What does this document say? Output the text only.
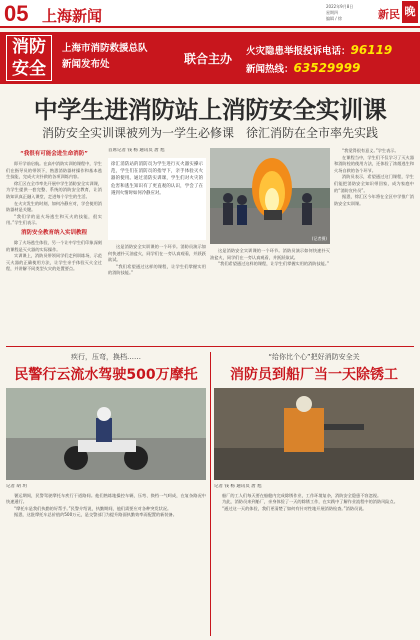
05 上海新闻
2022年9月8日
星期四
编辑 / 徐	新民 晚
消防
安全
上海市消防救援总队
新闻发布处	联合主办
火灾隐患举报投诉电话：96119
新闻热线：63529999
中学生进消防站上消防安全实训课
消防安全实训课被列为一学生必修课　徐汇消防在全市率先实践
“我很有可能会进生命消防”

即开学前启航。在高中消防实训的课程中，学生们在指导员的带领下，熟悉消防器材操作和基本逃生技能，完成火灾扑救的各项训练内容。

徐汇区在全市率先开展中学生消防安全实训课，为学生提供一套完整、系统的消防安全教育，让消防知识真正融入课堂，走进每个学生的生活。

在火灾发生的时刻，如何冷静应对，学会使用消防器材是关键。

“我们学的是火场逃生和灭火的技能，很实用。”学生们表示。

消防安全教育纳入实训教程

除了火场逃生体验，另一个让中学生们印象深刻的课程是灭火器的实际操作。

实训课上，消防员带领同学们走到训练场，示范灭火器的正确使用方法，让学生亲手体验灭火全过程，并讲解不同类型火灾的处置要点。

首席记者 钱 杨 通讯员 唐 旭
徐汇消防站的消防员为学生进行灭火器实操示范，学生们在消防员的指导下，亲手体验灭火器的使用。通过消防实训课，学生们对火灾的危害和逃生知识有了更直观的认识，学会了在遇到火情时如何冷静应对。
(记者摄)

这是消防安全实训课的一个环节。消防员演示如何快速扑灭油盆火，同学们在一旁认真观看，并跃跃欲试。

“我们希望通过这样的课程，让学生们掌握实用的消防技能。”

这是消防安全实训课的一个环节。消防员演示如何快速扑灭油盆火，同学们在一旁认真观看，并跃跃欲试。

“我们希望通过这样的课程，让学生们掌握实用的消防技能。”

“我觉得很有意义。”学生表示。

在课程当中，学生们不仅学习了灭火器和消防栓的使用方法，还体验了浓烟逃生和火场自救的各个环节。

消防员表示，希望通过这门课程，学生们能把消防安全知识带回家，成为家庭中的“消防宣传员”。

据悉，徐汇区今年将在全区中学推广消防安全实训课。

疾行，压弯，换档……
民警行云流水驾驶500万摩托
记者 胡 玥

暑运期间，民警驾驶摩托车疾行于道路间。他们熟练地操控车辆，压弯、换档一气呵成，在复杂路况中快速通行。

“摩托车是我们执勤的好帮手。”民警介绍说，执勤期间，他们需要应对各种突发状况。

据悉，这批摩托车总价值约500万元，是交警部门为提升路面执勤效率而配置的新装备。

“给你比个心”把好消防安全关
消防员到船厂当一天除锈工
记者 钱 杨 通讯员 唐 旭

船厂的工人们每天要在船舱内完成除锈作业，工作环境复杂，消防安全隐患不容忽视。

为此，消防员来到船厂，亲身体验了一天的除锈工作，在实践中了解作业流程中的消防风险点。

“通过这一天的体验，我们更清楚了如何有针对性地开展消防检查。”消防员说。
